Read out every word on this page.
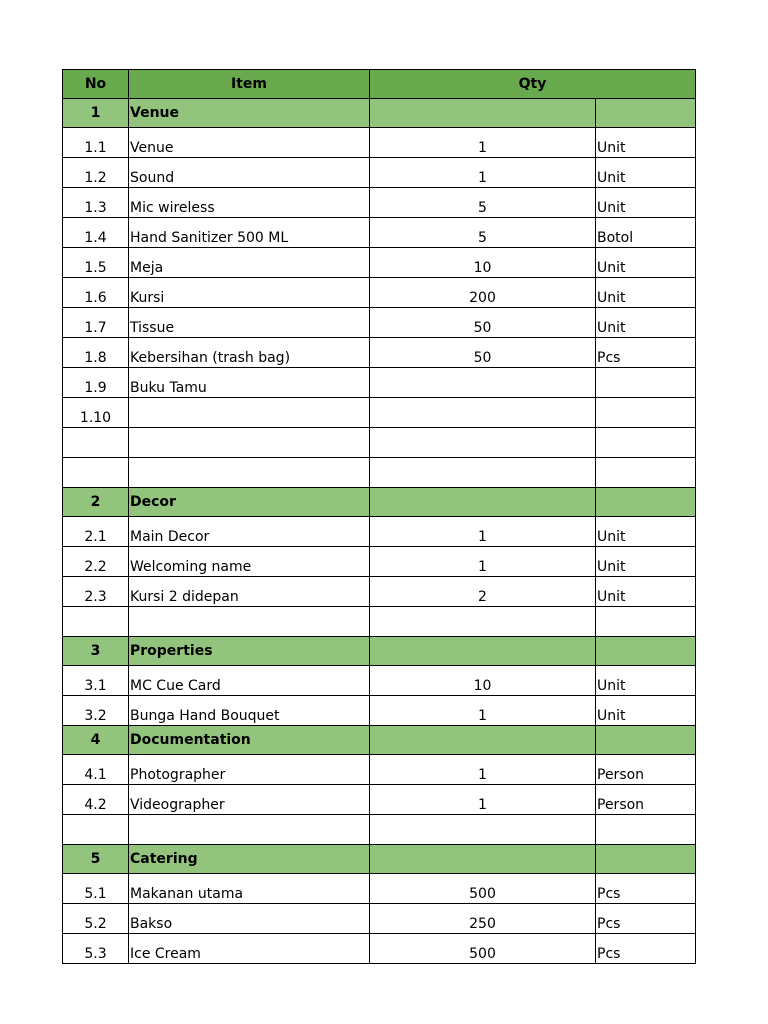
No	Item	Qty	
1	Venue		
1.1	Venue	1	Unit
1.2	Sound	1	Unit
1.3	Mic wireless	5	Unit
1.4	Hand Sanitizer 500 ML	5	Botol
1.5	Meja	10	Unit
1.6	Kursi	200	Unit
1.7	Tissue	50	Unit
1.8	Kebersihan (trash bag)	50	Pcs
1.9	Buku Tamu		
1.10			

2	Decor		
2.1	Main Decor	1	Unit
2.2	Welcoming name	1	Unit
2.3	Kursi 2 didepan	2	Unit

3	Properties		
3.1	MC Cue Card	10	Unit
3.2	Bunga Hand Bouquet	1	Unit
4	Documentation		
4.1	Photographer	1	Person
4.2	Videographer	1	Person

5	Catering		
5.1	Makanan utama	500	Pcs
5.2	Bakso	250	Pcs
5.3	Ice Cream	500	Pcs
